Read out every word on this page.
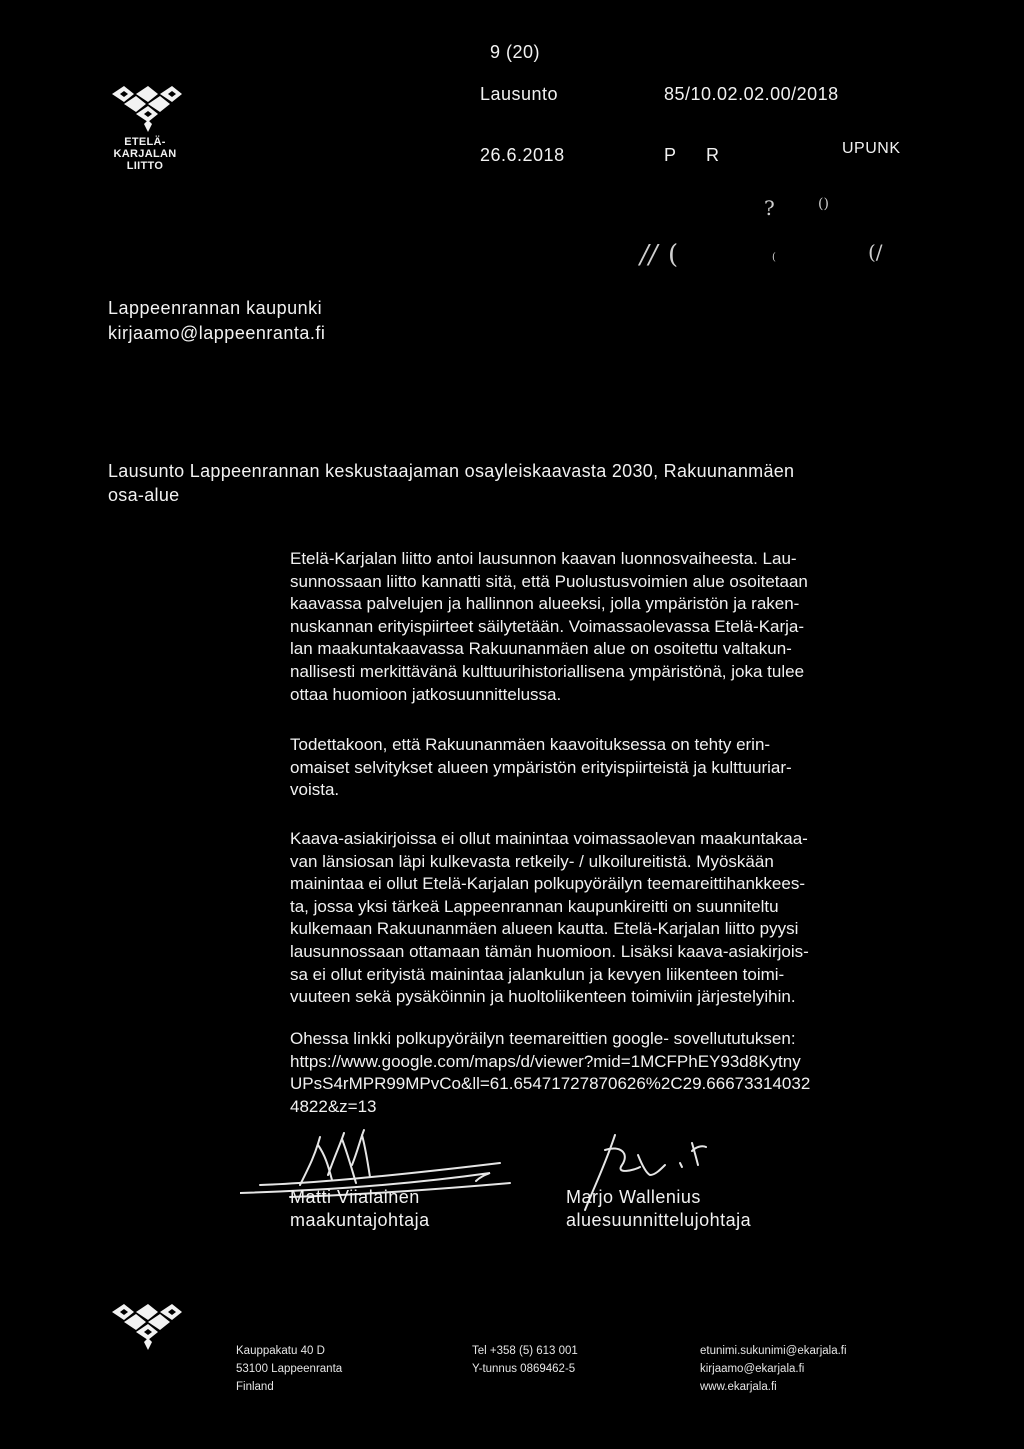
ETELÄ-
KARJALAN
LIITTO
9 (20)
Lausunto	85/10.02.02.00/2018
26.6.2018	P R	UPUNK
?	()
// (	(	(/
Lappeenrannan kaupunki
kirjaamo@lappeenranta.fi
Lausunto Lappeenrannan keskustaajaman osayleiskaavasta 2030, Rakuunanmäen
osa-alue
Etelä-Karjalan liitto antoi lausunnon kaavan luonnosvaiheesta. Lau-
sunnossaan liitto kannatti sitä, että Puolustusvoimien alue osoitetaan
kaavassa palvelujen ja hallinnon alueeksi, jolla ympäristön ja raken-
nuskannan erityispiirteet säilytetään. Voimassaolevassa Etelä-Karja-
lan maakuntakaavassa Rakuunanmäen alue on osoitettu valtakun-
nallisesti merkittävänä kulttuurihistoriallisena ympäristönä, joka tulee
ottaa huomioon jatkosuunnittelussa.
Todettakoon, että Rakuunanmäen kaavoituksessa on tehty erin-
omaiset selvitykset alueen ympäristön erityispiirteistä ja kulttuuriar-
voista.
Kaava-asiakirjoissa ei ollut mainintaa voimassaolevan maakuntakaa-
van länsiosan läpi kulkevasta retkeily- / ulkoilureitistä. Myöskään
mainintaa ei ollut Etelä-Karjalan polkupyöräilyn teemareittihankkees-
ta, jossa yksi tärkeä Lappeenrannan kaupunkireitti on suunniteltu
kulkemaan Rakuunanmäen alueen kautta. Etelä-Karjalan liitto pyysi
lausunnossaan ottamaan tämän huomioon. Lisäksi kaava-asiakirjois-
sa ei ollut erityistä mainintaa jalankulun ja kevyen liikenteen toimi-
vuuteen sekä pysäköinnin ja huoltoliikenteen toimiviin järjestelyihin.
Ohessa linkki polkupyöräilyn teemareittien google- sovellututuksen:
https://www.google.com/maps/d/viewer?mid=1MCFPhEY93d8Kytny
UPsS4rMPR99MPvCo&ll=61.65471727870626%2C29.66673314032
4822&z=13
Matti Viialainen
maakuntajohtaja
Marjo Wallenius
aluesuunnittelujohtaja
Kauppakatu 40 D
53100 Lappeenranta
Finland
Tel +358 (5) 613 001
Y-tunnus 0869462-5
etunimi.sukunimi@ekarjala.fi
kirjaamo@ekarjala.fi
www.ekarjala.fi
